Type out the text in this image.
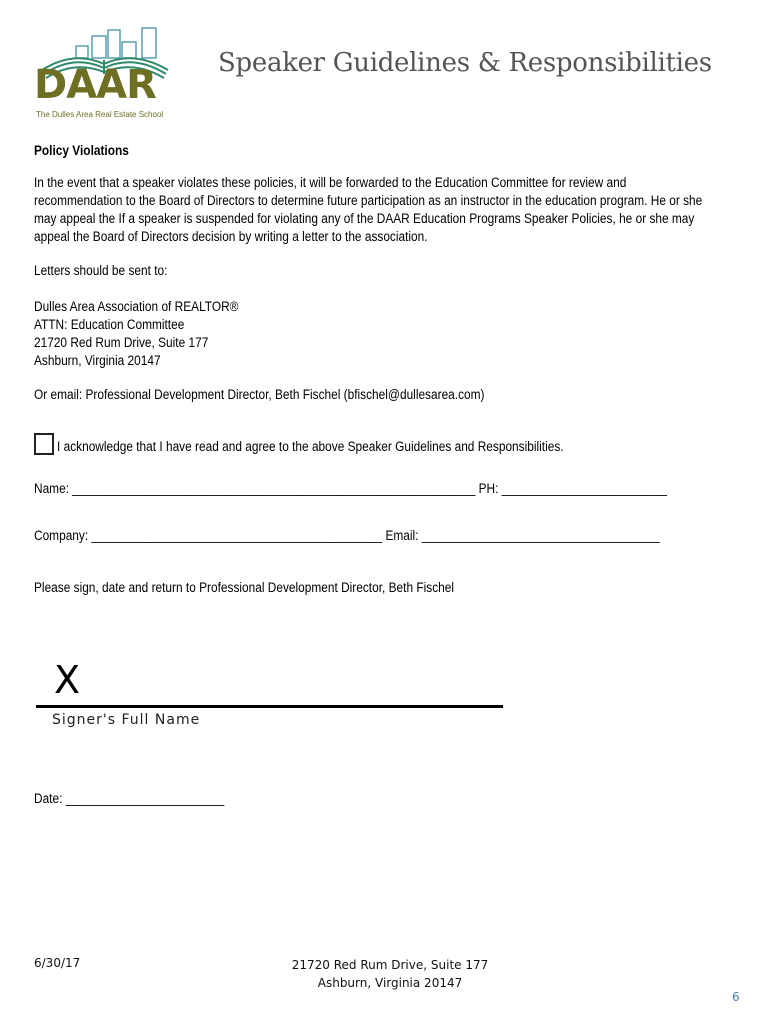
DAAR
The Dulles Area Real Estate School
Speaker Guidelines & Responsibilities
Policy Violations
In the event that a speaker violates these policies, it will be forwarded to the Education Committee for review and
recommendation to the Board of Directors to determine future participation as an instructor in the education program. He or she
may appeal the If a speaker is suspended for violating any of the DAAR Education Programs Speaker Policies, he or she may
appeal the Board of Directors decision by writing a letter to the association.
Letters should be sent to:
Dulles Area Association of REALTOR®
ATTN: Education Committee
21720 Red Rum Drive, Suite 177
Ashburn, Virginia 20147
Or email: Professional Development Director, Beth Fischel (bfischel@dullesarea.com)
I acknowledge that I have read and agree to the above Speaker Guidelines and Responsibilities.
Name: _____________________________________________________________ PH: _________________________
Company: ____________________________________________ Email: ____________________________________
Please sign, date and return to Professional Development Director, Beth Fischel
X
Signer's Full Name
Date: ________________________
6/30/17	21720 Red Rum Drive, Suite 177
Ashburn, Virginia 20147
6
